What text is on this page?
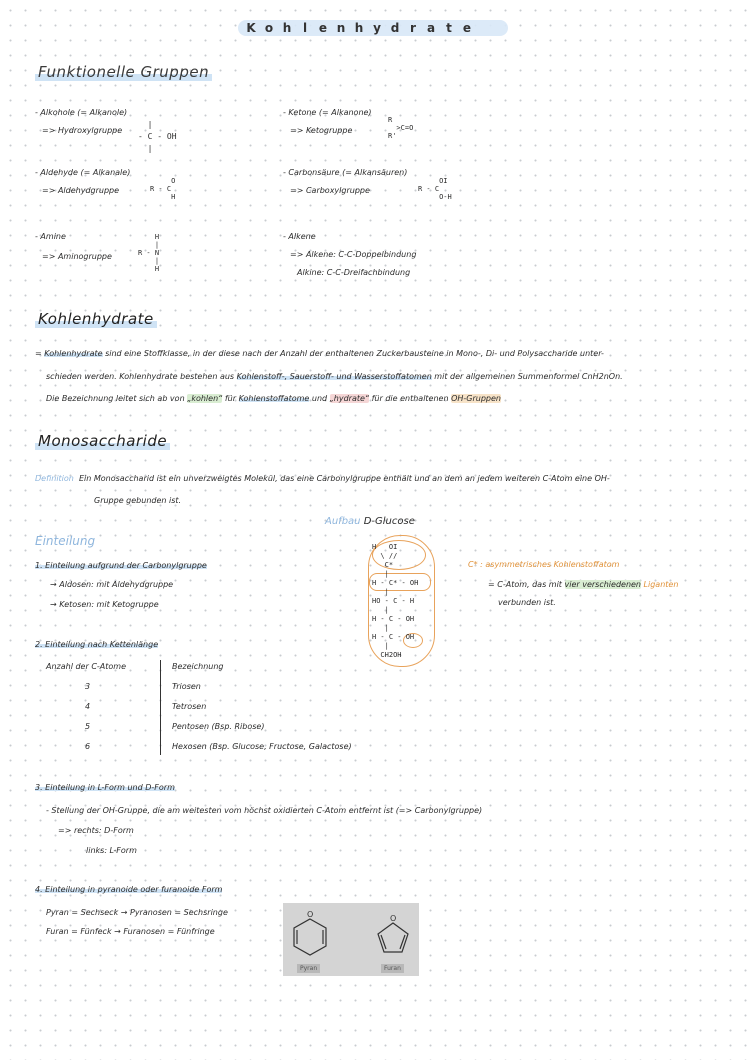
K o h l e n h y d r a t e
Funktionelle Gruppen
- Alkohole (= Alkanole)
=> Hydroxylgruppe
|
- C - OH
|
- Ketone (= Alkanone)
=> Ketogruppe
R
>C=O
R'
- Aldehyde (= Alkanale)
=> Aldehydgruppe
O
R - C
H
- Carbonsäure (= Alkansäuren)
=> Carboxylgruppe
OI
R - C
O-H
- Amine
=> Aminogruppe
H
|
R - N
|
H
- Alkene
=> Alkene: C-C-Doppelbindung
Alkine: C-C-Dreifachbindung
Kohlenhydrate
= Kohlenhydrate sind eine Stoffklasse, in der diese nach der Anzahl der enthaltenen Zuckerbausteine in Mono-, Di- und Polysaccharide unter-
schieden werden. Kohlenhydrate bestehen aus Kohlenstoff-, Sauerstoff- und Wasserstoffatomen mit der allgemeinen Summenformel CnH2nOn.
Die Bezeichnung leitet sich ab von „kohlen“ für Kohlenstoffatome und „hydrate“ für die enthaltenen OH-Gruppen
Monosaccharide
Definition Ein Monosaccharid ist ein unverzweigtes Molekül, das eine Carbonylgruppe enthält und an dem an jedem weiteren C-Atom eine OH-
Gruppe gebunden ist.
Aufbau D-Glucose
H   OI
\ //
C*
|
H - C* - OH
|
HO - C - H
|
H - C - OH
|
H - C - OH
|
CH2OH
C* : asymmetrisches Kohlenstoffatom
= C-Atom, das mit vier verschiedenen Liganten
verbunden ist.
Einteilung
1. Einteilung aufgrund der Carbonylgruppe
→ Aldosen: mit Aldehydgruppe
→ Ketosen: mit Ketogruppe
2. Einteilung nach Kettenlänge
Anzahl der C-Atome	Bezeichnung
3	Triosen
4	Tetrosen
5	Pentosen (Bsp. Ribose)
6	Hexosen (Bsp. Glucose, Fructose, Galactose)
3. Einteilung in L-Form und D-Form
- Stellung der OH-Gruppe, die am weitesten vom höchst oxidierten C-Atom entfernt ist (=> Carbonylgruppe)
=> rechts: D-Form
links: L-Form
4. Einteilung in pyranoide oder furanoide Form
Pyran = Sechseck → Pyranosen = Sechsringe
Furan = Fünfeck → Furanosen = Fünfringe
O	O
Pyran	Furan
